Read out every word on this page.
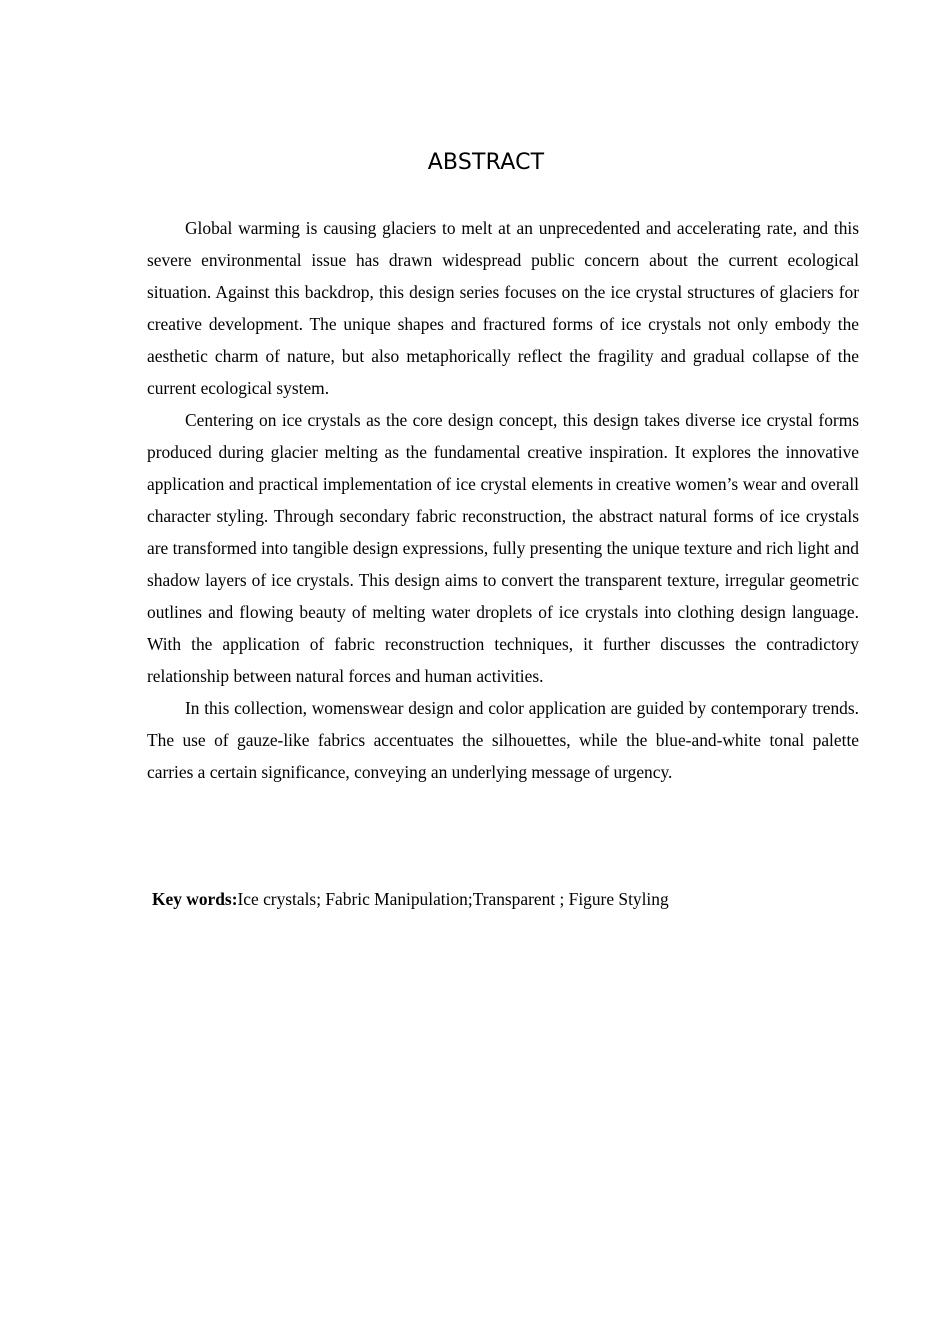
ABSTRACT

Global warming is causing glaciers to melt at an unprecedented and accelerating rate, and this severe environmental issue has drawn widespread public concern about the current ecological situation. Against this backdrop, this design series focuses on the ice crystal structures of glaciers for creative development. The unique shapes and fractured forms of ice crystals not only embody the aesthetic charm of nature, but also metaphorically reflect the fragility and gradual collapse of the current ecological system.

Centering on ice crystals as the core design concept, this design takes diverse ice crystal forms produced during glacier melting as the fundamental creative inspiration. It explores the innovative application and practical implementation of ice crystal elements in creative women’s wear and overall character styling. Through secondary fabric reconstruction, the abstract natural forms of ice crystals are transformed into tangible design expressions, fully presenting the unique texture and rich light and shadow layers of ice crystals. This design aims to convert the transparent texture, irregular geometric outlines and flowing beauty of melting water droplets of ice crystals into clothing design language. With the application of fabric reconstruction techniques, it further discusses the contradictory relationship between natural forces and human activities.

In this collection, womenswear design and color application are guided by contemporary trends. The use of gauze-like fabrics accentuates the silhouettes, while the blue-and-white tonal palette carries a certain significance, conveying an underlying message of urgency.

Key words:Ice crystals; Fabric Manipulation;Transparent ; Figure Styling
